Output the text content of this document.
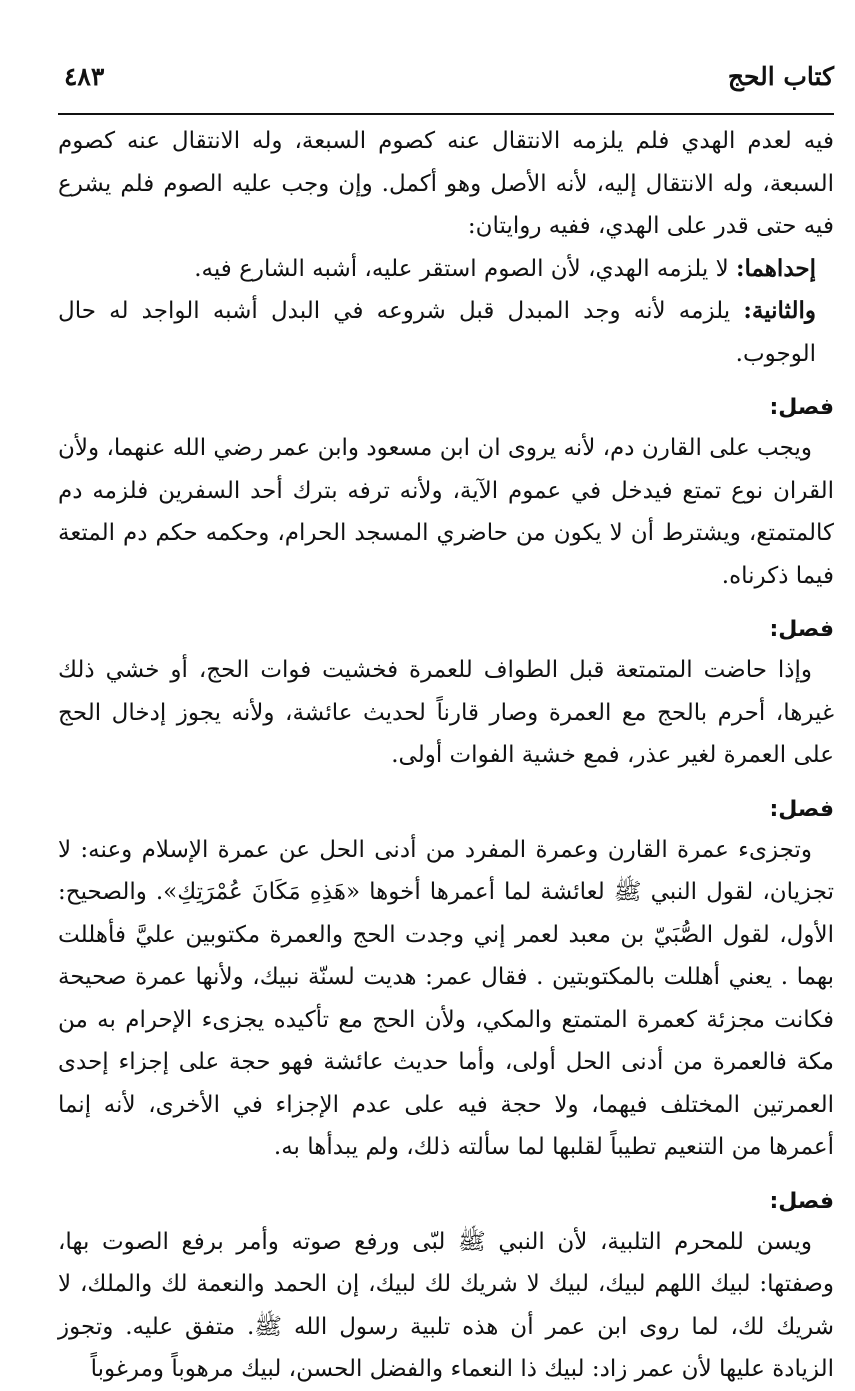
كتاب الحج
٤٨٣

فيه لعدم الهدي فلم يلزمه الانتقال عنه كصوم السبعة، وله الانتقال عنه كصوم السبعة، وله الانتقال إليه، لأنه الأصل وهو أكمل. وإن وجب عليه الصوم فلم يشرع فيه حتى قدر على الهدي، ففيه روايتان:

إحداهما: لا يلزمه الهدي، لأن الصوم استقر عليه، أشبه الشارع فيه.

والثانية: يلزمه لأنه وجد المبدل قبل شروعه في البدل أشبه الواجد له حال الوجوب.

فصل:

ويجب على القارن دم، لأنه يروى ان ابن مسعود وابن عمر رضي الله عنهما، ولأن القران نوع تمتع فيدخل في عموم الآية، ولأنه ترفه بترك أحد السفرين فلزمه دم كالمتمتع، ويشترط أن لا يكون من حاضري المسجد الحرام، وحكمه حكم دم المتعة فيما ذكرناه.

فصل:

وإذا حاضت المتمتعة قبل الطواف للعمرة فخشيت فوات الحج، أو خشي ذلك غيرها، أحرم بالحج مع العمرة وصار قارناً لحديث عائشة، ولأنه يجوز إدخال الحج على العمرة لغير عذر، فمع خشية الفوات أولى.

فصل:

وتجزىء عمرة القارن وعمرة المفرد من أدنى الحل عن عمرة الإسلام وعنه: لا تجزيان، لقول النبي ﷺ لعائشة لما أعمرها أخوها «هَذِهِ مَكَانَ عُمْرَتِكِ». والصحيح: الأول، لقول الصُّبَيّ بن معبد لعمر إني وجدت الحج والعمرة مكتوبين عليَّ فأهللت بهما . يعني أهللت بالمكتوبتين . فقال عمر: هديت لسنّة نبيك، ولأنها عمرة صحيحة فكانت مجزئة كعمرة المتمتع والمكي، ولأن الحج مع تأكيده يجزىء الإحرام به من مكة فالعمرة من أدنى الحل أولى، وأما حديث عائشة فهو حجة على إجزاء إحدى العمرتين المختلف فيهما، ولا حجة فيه على عدم الإجزاء في الأخرى، لأنه إنما أعمرها من التنعيم تطيباً لقلبها لما سألته ذلك، ولم يبدأها به.

فصل:

ويسن للمحرم التلبية، لأن النبي ﷺ لبّى ورفع صوته وأمر برفع الصوت بها، وصفتها: لبيك اللهم لبيك، لبيك لا شريك لك لبيك، إن الحمد والنعمة لك والملك، لا شريك لك، لما روى ابن عمر أن هذه تلبية رسول الله ﷺ. متفق عليه. وتجوز الزيادة عليها لأن عمر زاد: لبيك ذا النعماء والفضل الحسن، لبيك مرهوباً ومرغوباً
